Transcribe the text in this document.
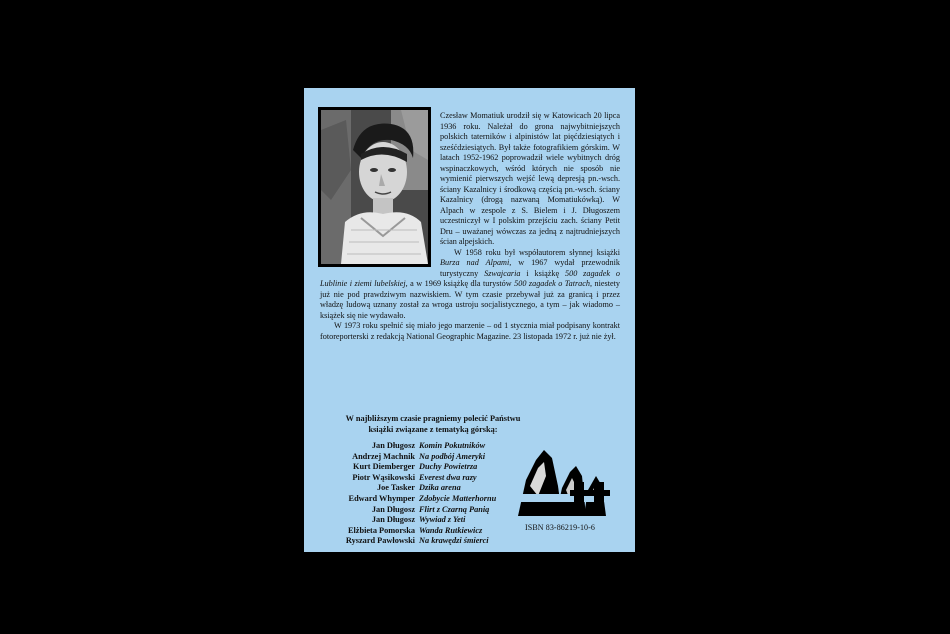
Czesław Momatiuk urodził się w Katowicach 20 lipca 1936 roku. Należał do grona najwybitniejszych polskich taterników i alpinistów lat pięćdziesiątych i sześćdziesiątych. Był także fotografikiem górskim. W latach 1952-1962 poprowadził wiele wybitnych dróg wspinaczkowych, wśród których nie sposób nie wymienić pierwszych wejść lewą depresją pn.-wsch. ściany Kazalnicy i środkową częścią pn.-wsch. ściany Kazalnicy (drogą nazwaną Momatiukówką). W Alpach w zespole z S. Bielem i J. Długoszem uczestniczył w I polskim przejściu zach. ściany Petit Dru – uważanej wówczas za jedną z najtrudniejszych ścian alpejskich.

W 1958 roku był współautorem słynnej książki Burza nad Alpami, w 1967 wydał przewodnik turystyczny Szwajcaria i książkę 500 zagadek o Lublinie i ziemi lubelskiej, a w 1969 książkę dla turystów 500 zagadek o Tatrach, niestety już nie pod prawdziwym nazwiskiem. W tym czasie przebywał już za granicą i przez władzę ludową uznany został za wroga ustroju socjalistycznego, a tym – jak wiadomo – książek się nie wydawało.

W 1973 roku spełnić się miało jego marzenie – od 1 stycznia miał podpisany kontrakt fotoreporterski z redakcją National Geographic Magazine. 23 listopada 1972 r. już nie żył.

W najbliższym czasie pragniemy polecić Państwu
książki związane z tematyką górską:
Jan Długosz Komin Pokutników
Andrzej Machnik Na podbój Ameryki
Kurt Diemberger Duchy Powietrza
Piotr Wąsikowski Everest dwa razy
Joe Tasker Dzika arena
Edward Whymper Zdobycie Matterhornu
Jan Długosz Flirt z Czarną Panią
Jan Długosz Wywiad z Yeti
Elżbieta Pomorska Wanda Rutkiewicz
Ryszard Pawłowski Na krawędzi śmierci
ISBN 83-86219-10-6
